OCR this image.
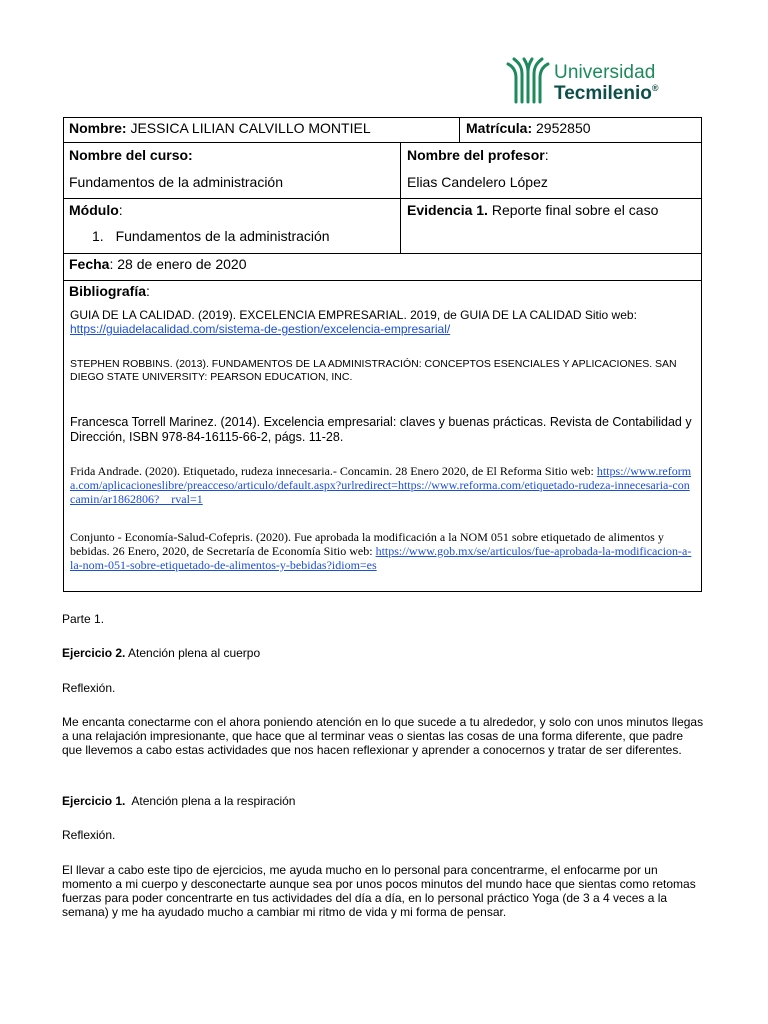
Universidad
Tecmilenio®
Nombre: JESSICA LILIAN CALVILLO MONTIEL	Matrícula: 2952850
Nombre del curso:
Fundamentos de la administración
Nombre del profesor:
Elias Candelero López
Módulo:
1. Fundamentos de la administración
Evidencia 1. Reporte final sobre el caso
Fecha: 28 de enero de 2020
Bibliografía:
GUIA DE LA CALIDAD. (2019). EXCELENCIA EMPRESARIAL. 2019, de GUIA DE LA CALIDAD Sitio web: https://guiadelacalidad.com/sistema-de-gestion/excelencia-empresarial/
STEPHEN ROBBINS. (2013). FUNDAMENTOS DE LA ADMINISTRACIÓN: CONCEPTOS ESENCIALES Y APLICACIONES. SAN DIEGO STATE UNIVERSITY: PEARSON EDUCATION, INC.
Francesca Torrell Marinez. (2014). Excelencia empresarial: claves y buenas prácticas. Revista de Contabilidad y Dirección, ISBN 978-84-16115-66-2, págs. 11-28.
Frida Andrade. (2020). Etiquetado, rudeza innecesaria.- Concamin. 28 Enero 2020, de El Reforma Sitio web: https://www.reforma.com/aplicacioneslibre/preacceso/articulo/default.aspx?urlredirect=https://www.reforma.com/etiquetado-rudeza-innecesaria-concamin/ar1862806?__rval=1
Conjunto - Economía-Salud-Cofepris. (2020). Fue aprobada la modificación a la NOM 051 sobre etiquetado de alimentos y bebidas. 26 Enero, 2020, de Secretaría de Economía Sitio web: https://www.gob.mx/se/articulos/fue-aprobada-la-modificacion-a-la-nom-051-sobre-etiquetado-de-alimentos-y-bebidas?idiom=es
Parte 1.
Ejercicio 2. Atención plena al cuerpo
Reflexión.
Me encanta conectarme con el ahora poniendo atención en lo que sucede a tu alrededor, y solo con unos minutos llegas a una relajación impresionante, que hace que al terminar veas o sientas las cosas de una forma diferente, que padre que llevemos a cabo estas actividades que nos hacen reflexionar y aprender a conocernos y tratar de ser diferentes.
Ejercicio 1.  Atención plena a la respiración
Reflexión.
El llevar a cabo este tipo de ejercicios, me ayuda mucho en lo personal para concentrarme, el enfocarme por un momento a mi cuerpo y desconectarte aunque sea por unos pocos minutos del mundo hace que sientas como retomas fuerzas para poder concentrarte en tus actividades del día a día, en lo personal práctico Yoga (de 3 a 4 veces a la semana) y me ha ayudado mucho a cambiar mi ritmo de vida y mi forma de pensar.
